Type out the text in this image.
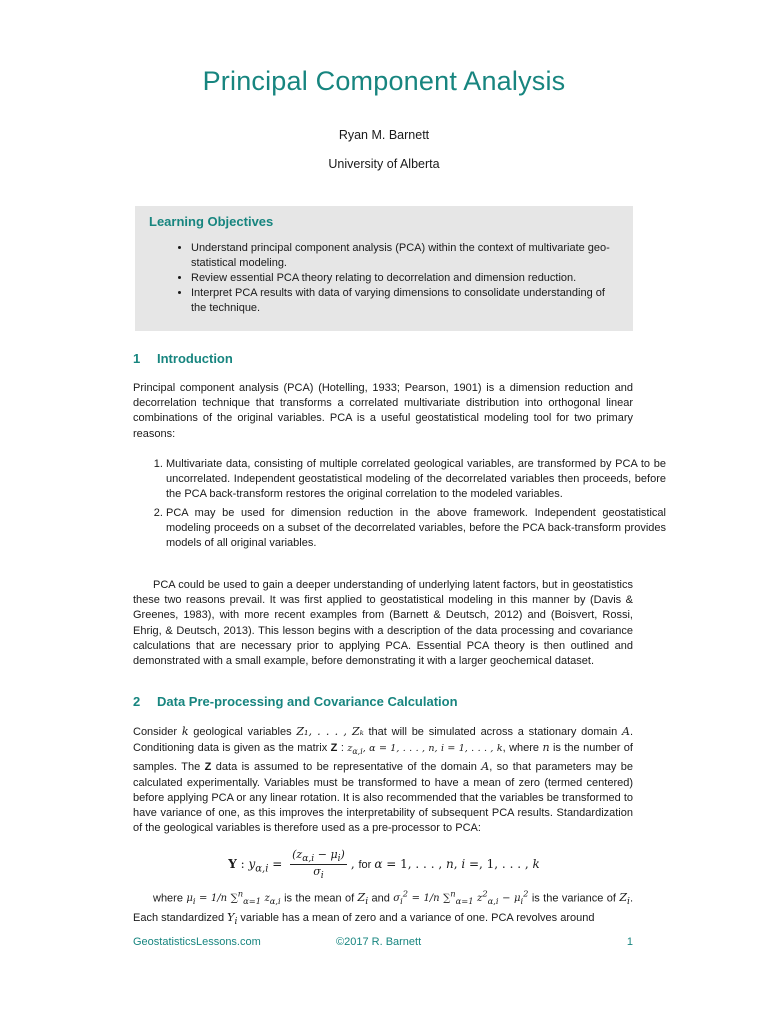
Principal Component Analysis
Ryan M. Barnett
University of Alberta
Learning Objectives
• Understand principal component analysis (PCA) within the context of multivariate geo-statistical modeling.
• Review essential PCA theory relating to decorrelation and dimension reduction.
• Interpret PCA results with data of varying dimensions to consolidate understanding of the technique.
1 Introduction

Principal component analysis (PCA) (Hotelling, 1933; Pearson, 1901) is a dimension reduction and decorrelation technique that transforms a correlated multivariate distribution into orthogonal linear combinations of the original variables. PCA is a useful geostatistical modeling tool for two primary reasons:

1. Multivariate data, consisting of multiple correlated geological variables, are transformed by PCA to be uncorrelated. Independent geostatistical modeling of the decorrelated variables then proceeds, before the PCA back-transform restores the original correlation to the modeled variables.
2. PCA may be used for dimension reduction in the above framework. Independent geostatistical modeling proceeds on a subset of the decorrelated variables, before the PCA back-transform provides models of all original variables.

PCA could be used to gain a deeper understanding of underlying latent factors, but in geostatistics these two reasons prevail. It was first applied to geostatistical modeling in this manner by (Davis & Greenes, 1983), with more recent examples from (Barnett & Deutsch, 2012) and (Boisvert, Rossi, Ehrig, & Deutsch, 2013). This lesson begins with a description of the data processing and covariance calculations that are necessary prior to applying PCA. Essential PCA theory is then outlined and demonstrated with a small example, before demonstrating it with a larger geochemical dataset.

2 Data Pre-processing and Covariance Calculation

Consider k geological variables Z₁, . . . , Zₖ that will be simulated across a stationary domain A. Conditioning data is given as the matrix Z : $z_{\alpha,i}$, α = 1, . . . , n, i = 1, . . . , k, where n is the number of samples. The Z data is assumed to be representative of the domain A, so that parameters may be calculated experimentally. Variables must be transformed to have a mean of zero (termed centered) before applying PCA or any linear rotation. It is also recommended that the variables be transformed to have variance of one, as this improves the interpretability of subsequent PCA results. Standardization of the geological variables is therefore used as a pre-processor to PCA:

Y : $y_{\alpha,i} = \frac{(z_{\alpha,i} - \mu_i)}{\sigma_i}$ , for α = 1, . . . , n, i =, 1, . . . , k

where $\mu_i = 1/n$ ∑$^n_{\alpha=1}$ $z_{\alpha,i}$ is the mean of $Z_i$ and $\sigma_i^2 = 1/n$ ∑$^n_{\alpha=1}$ $z^2_{\alpha,i} - \mu_i^2$ is the variance of $Z_i$. Each standardized $Y_i$ variable has a mean of zero and a variance of one. PCA revolves around

GeostatisticsLessons.com	©2017 R. Barnett	1
